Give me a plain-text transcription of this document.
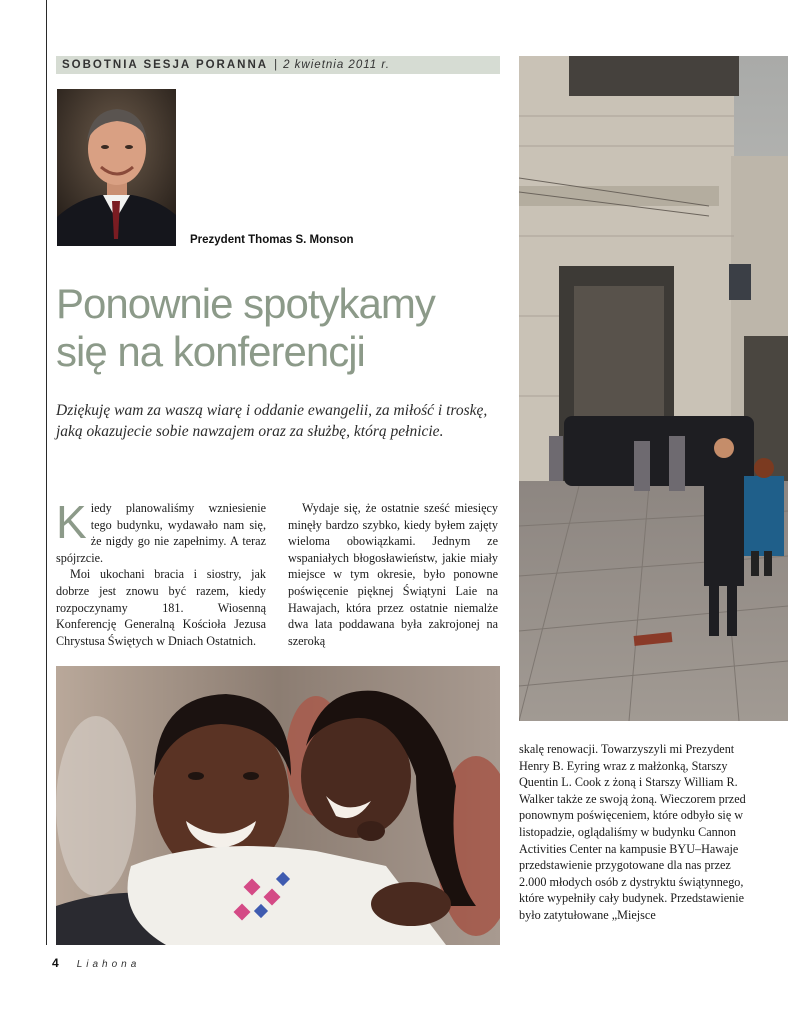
SOBOTNIA SESJA PORANNA | 2 kwietnia 2011 r.
Prezydent Thomas S. Monson
Ponownie spotykamy
się na konferencji

Dziękuję wam za waszą wiarę i oddanie ewangelii, za miłość i troskę, jaką okazujecie sobie nawzajem oraz za służbę, którą pełnicie.

Kiedy planowaliśmy wzniesienie tego budynku, wydawało nam się, że nigdy go nie zapełnimy. A teraz spójrzcie.

Moi ukochani bracia i siostry, jak dobrze jest znowu być razem, kiedy rozpoczynamy 181. Wiosenną Konferencję Generalną Kościoła Jezusa Chrystusa Świętych w Dniach Ostatnich.

Wydaje się, że ostatnie sześć miesięcy minęły bardzo szybko, kiedy byłem zajęty wieloma obowiązkami. Jednym ze wspaniałych błogosławieństw, jakie miały miejsce w tym okresie, było ponowne poświęcenie pięknej Świątyni Laie na Hawajach, która przez ostatnie niemalże dwa lata poddawana była zakrojonej na szeroką

skalę renowacji. Towarzyszyli mi Prezydent Henry B. Eyring wraz z małżonką, Starszy Quentin L. Cook z żoną i Starszy William R. Walker także ze swoją żoną. Wieczorem przed ponownym poświęceniem, które odbyło się w listopadzie, oglądaliśmy w budynku Cannon Activities Center na kampusie BYU–Hawaje przedstawienie przygotowane dla nas przez 2.000 młodych osób z dystryktu świątynnego, które wypełniły cały budynek. Przedstawienie było zatytułowane „Miejsce

4 Liahona
